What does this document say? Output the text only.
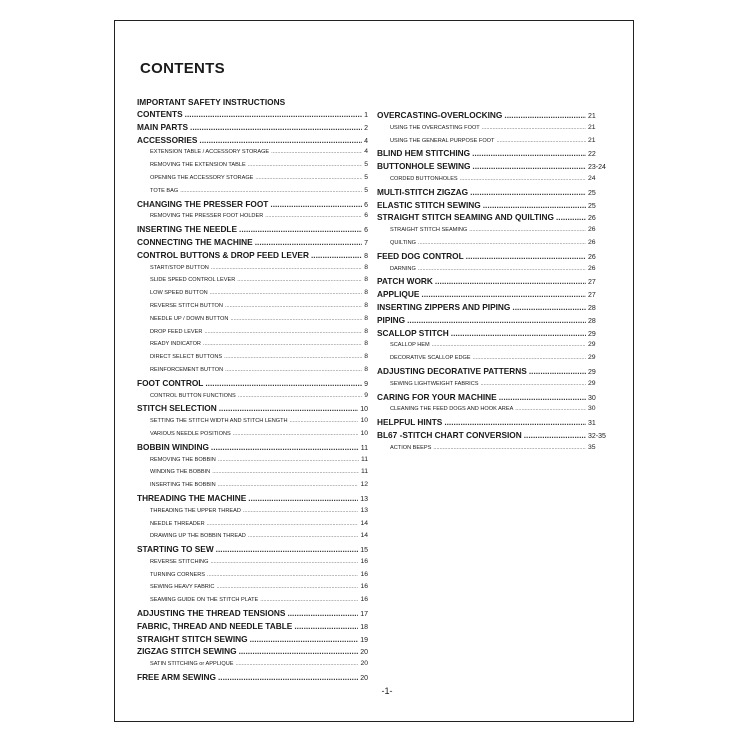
CONTENTS
IMPORTANT SAFETY INSTRUCTIONS
CONTENTS .....	1
MAIN PARTS .....	2
ACCESSORIES .....	4
EXTENSION TABLE / ACCESSORY STORAGE .....	4
REMOVING THE EXTENSION TABLE .....	5
OPENING THE ACCESSORY STORAGE .....	5
TOTE BAG .....	5
CHANGING THE PRESSER FOOT .....	6
REMOVING THE PRESSER FOOT HOLDER .....	6
INSERTING THE NEEDLE .....	6
CONNECTING THE MACHINE .....	7
CONTROL BUTTONS & DROP FEED LEVER .....	8
START/STOP BUTTON .....	8
SLIDE SPEED CONTROL LEVER .....	8
LOW SPEED BUTTON .....	8
REVERSE STITCH BUTTON .....	8
NEEDLE UP / DOWN BUTTON .....	8
DROP FEED LEVER .....	8
READY INDICATOR .....	8
DIRECT SELECT BUTTONS .....	8
REINFORCEMENT BUTTON .....	8
FOOT CONTROL .....	9
CONTROL BUTTON FUNCTIONS .....	9
STITCH SELECTION .....	10
SETTING THE STITCH WIDTH AND STITCH LENGTH .....	10
VARIOUS NEEDLE POSITIONS .....	10
BOBBIN WINDING .....	11
REMOVING THE BOBBIN .....	11
WINDING THE BOBBIN .....	11
INSERTING THE BOBBIN .....	12
THREADING THE MACHINE .....	13
THREADING THE UPPER THREAD .....	13
NEEDLE THREADER .....	14
DRAWING UP THE BOBBIN THREAD .....	14
STARTING TO SEW .....	15
REVERSE STITCHING .....	16
TURNING CORNERS .....	16
SEWING HEAVY FABRIC .....	16
SEAMING GUIDE ON THE STITCH PLATE .....	16
ADJUSTING THE THREAD TENSIONS .....	17
FABRIC, THREAD AND NEEDLE TABLE .....	18
STRAIGHT STITCH SEWING .....	19
ZIGZAG STITCH SEWING .....	20
SATIN STITCHING or APPLIQUE .....	20
FREE ARM SEWING .....	20
OVERCASTING-OVERLOCKING .....	21
USING THE OVERCASTING FOOT .....	21
USING THE GENERAL PURPOSE FOOT .....	21
BLIND HEM STITCHING .....	22
BUTTONHOLE SEWING .....	23-24
CORDED BUTTONHOLES .....	24
MULTI-STITCH ZIGZAG .....	25
ELASTIC STITCH SEWING .....	25
STRAIGHT STITCH SEAMING AND QUILTING .....	26
STRAIGHT STITCH SEAMING .....	26
QUILTING .....	26
FEED DOG CONTROL .....	26
DARNING .....	26
PATCH WORK .....	27
APPLIQUE .....	27
INSERTING ZIPPERS AND PIPING .....	28
PIPING .....	28
SCALLOP STITCH .....	29
SCALLOP HEM .....	29
DECORATIVE SCALLOP EDGE .....	29
ADJUSTING DECORATIVE PATTERNS .....	29
SEWING LIGHTWEIGHT FABRICS .....	29
CARING FOR YOUR MACHINE .....	30
CLEANING THE FEED DOGS AND HOOK AREA .....	30
HELPFUL HINTS .....	31
BL67 -STITCH CHART CONVERSION .....	32-35
ACTION BEEPS .....	35
-1-
